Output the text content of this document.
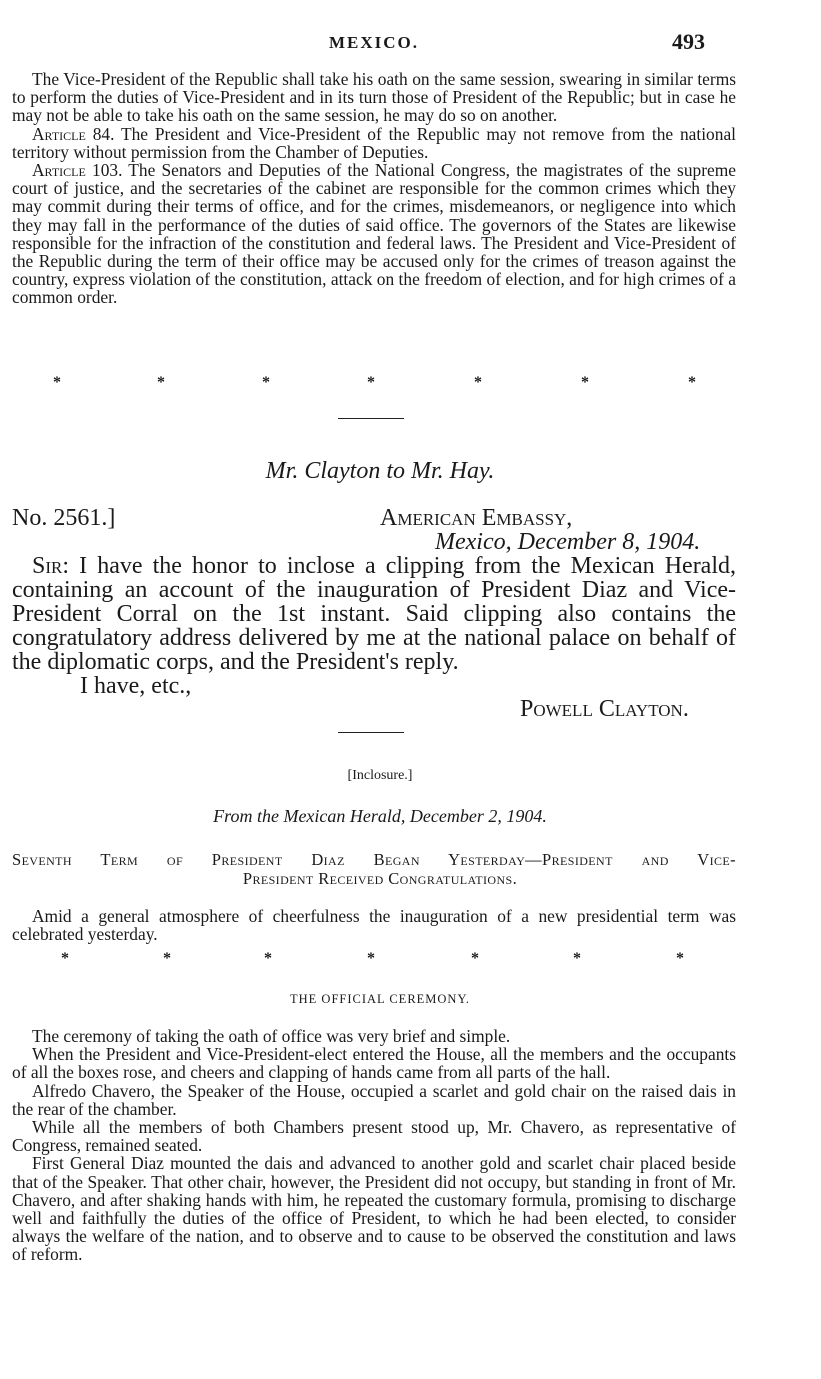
MEXICO.	493

The Vice-President of the Republic shall take his oath on the same session, swearing in similar terms to perform the duties of Vice-President and in its turn those of President of the Republic; but in case he may not be able to take his oath on the same session, he may do so on another.

Article 84. The President and Vice-President of the Republic may not remove from the national territory without permission from the Chamber of Deputies.

Article 103. The Senators and Deputies of the National Congress, the magistrates of the supreme court of justice, and the secretaries of the cabinet are responsible for the common crimes which they may commit during their terms of office, and for the crimes, misdemeanors, or negligence into which they may fall in the performance of the duties of said office. The governors of the States are likewise responsible for the infraction of the constitution and federal laws. The President and Vice-President of the Republic during the term of their office may be accused only for the crimes of treason against the country, express violation of the constitution, attack on the freedom of election, and for high crimes of a common order.

*	*	*	*	*	*	*
Mr. Clayton to Mr. Hay.
No. 2561.]	American Embassy,
Mexico, December 8, 1904.

Sir: I have the honor to inclose a clipping from the Mexican Herald, containing an account of the inauguration of President Diaz and Vice-President Corral on the 1st instant. Said clipping also contains the congratulatory address delivered by me at the national palace on behalf of the diplomatic corps, and the President's reply.

I have, etc.,
Powell Clayton.
[Inclosure.]
From the Mexican Herald, December 2, 1904.
Seventh Term of President Diaz Began Yesterday—President and Vice-
President Received Congratulations.

Amid a general atmosphere of cheerfulness the inauguration of a new presidential term was celebrated yesterday.

*	*	*	*	*	*	*
THE OFFICIAL CEREMONY.

The ceremony of taking the oath of office was very brief and simple.

When the President and Vice-President-elect entered the House, all the members and the occupants of all the boxes rose, and cheers and clapping of hands came from all parts of the hall.

Alfredo Chavero, the Speaker of the House, occupied a scarlet and gold chair on the raised dais in the rear of the chamber.

While all the members of both Chambers present stood up, Mr. Chavero, as representative of Congress, remained seated.

First General Diaz mounted the dais and advanced to another gold and scarlet chair placed beside that of the Speaker. That other chair, however, the President did not occupy, but standing in front of Mr. Chavero, and after shaking hands with him, he repeated the customary formula, promising to discharge well and faithfully the duties of the office of President, to which he had been elected, to consider always the welfare of the nation, and to observe and to cause to be observed the constitution and laws of reform.
